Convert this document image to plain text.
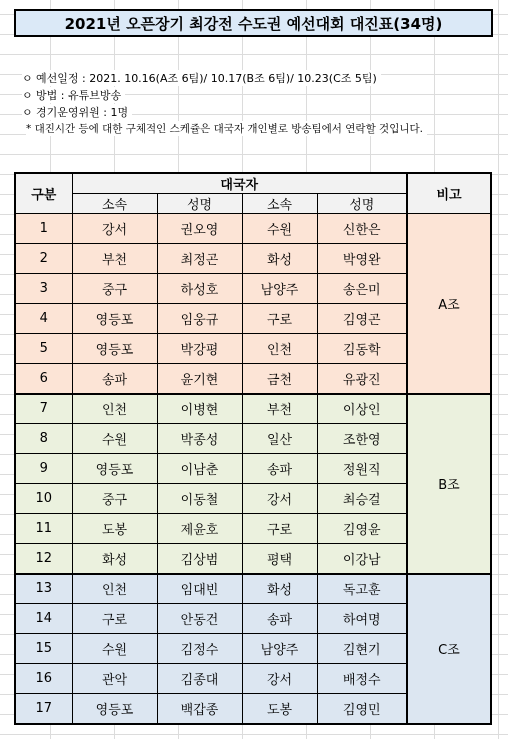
2021년 오픈장기 최강전 수도권 예선대회 대진표(34명)
ㅇ 예선일정 : 2021. 10.16(A조 6팀)/ 10.17(B조 6팀)/ 10.23(C조 5팀)
ㅇ 방법 : 유튜브방송
ㅇ 경기운영위원 : 1명
* 대진시간 등에 대한 구체적인 스케쥴은 대국자 개인별로 방송팀에서 연락할 것입니다.
구분	대국자				비고
	소속	성명	소속	성명	
1	강서	권오영	수원	신한은	A조
2	부천	최정곤	화성	박영완	
3	중구	하성호	남양주	송은미	
4	영등포	임웅규	구로	김영곤	
5	영등포	박강평	인천	김동학	
6	송파	윤기현	금천	유광진	
7	인천	이병현	부천	이상인	B조
8	수원	박종성	일산	조한영	
9	영등포	이남춘	송파	정원직	
10	중구	이동철	강서	최승걸	
11	도봉	제윤호	구로	김영윤	
12	화성	김상범	평택	이강남	
13	인천	임대빈	화성	독고훈	C조
14	구로	안동건	송파	하여명	
15	수원	김정수	남양주	김현기	
16	관악	김종대	강서	배정수	
17	영등포	백갑종	도봉	김영민	
